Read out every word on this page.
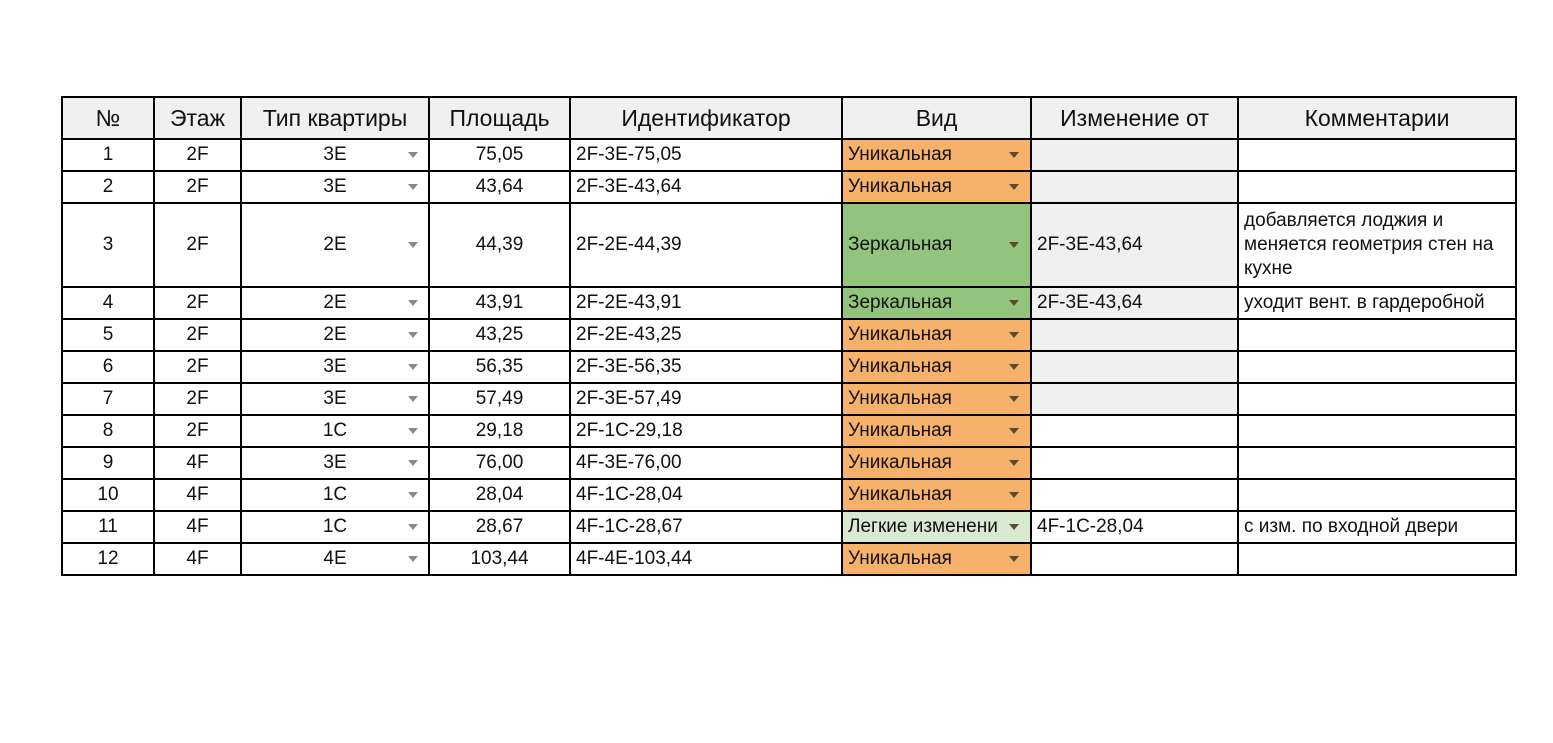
№	Этаж	Тип квартиры	Площадь	Идентификатор	Вид	Изменение от	Комментарии
1	2F	3E	75,05	2F-3E-75,05	Уникальная		

2	2F	3E	43,64	2F-3E-43,64	Уникальная		

3	2F	2E	44,39	2F-2E-44,39	Зеркальная	2F-3E-43,64	добавляется лоджия и меняется геометрия стен на кухне
4	2F	2E	43,91	2F-2E-43,91	Зеркальная	2F-3E-43,64	уходит вент. в гардеробной
5	2F	2E	43,25	2F-2E-43,25	Уникальная		

6	2F	3E	56,35	2F-3E-56,35	Уникальная		

7	2F	3E	57,49	2F-3E-57,49	Уникальная		

8	2F	1C	29,18	2F-1C-29,18	Уникальная		

9	4F	3E	76,00	4F-3E-76,00	Уникальная		

10	4F	1C	28,04	4F-1C-28,04	Уникальная		

11	4F	1C	28,67	4F-1C-28,67	Легкие изменени	4F-1C-28,04	с изм. по входной двери
12	4F	4E	103,44	4F-4E-103,44	Уникальная		
